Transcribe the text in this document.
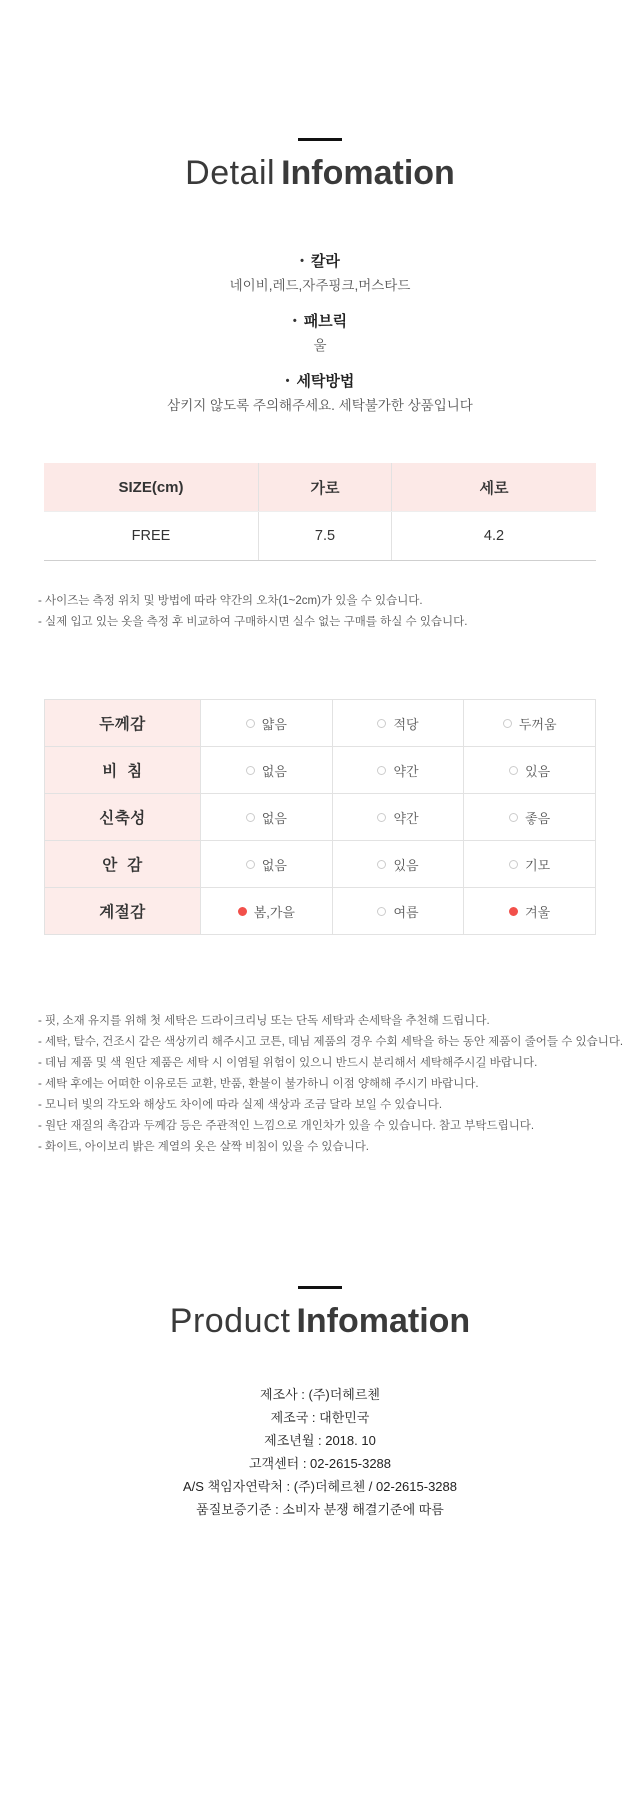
Detail Infomation
• 칼라
네이비,레드,자주핑크,머스타드
• 패브릭
울
• 세탁방법
삼키지 않도록 주의해주세요. 세탁불가한 상품입니다
SIZE(cm)	가로	세로
FREE	7.5	4.2
- 사이즈는 측정 위치 및 방법에 따라 약간의 오차(1~2cm)가 있을 수 있습니다.
- 실제 입고 있는 옷을 측정 후 비교하여 구매하시면 실수 없는 구매를 하실 수 있습니다.
두께감	얇음	적당	두꺼움
비  침	없음	약간	있음
신축성	없음	약간	좋음
안  감	없음	있음	기모
계절감	봄,가을	여름	겨울
- 핏, 소재 유지를 위해 첫 세탁은 드라이크리닝 또는 단독 세탁과 손세탁을 추천해 드립니다.
- 세탁, 탈수, 건조시 같은 색상끼리 해주시고 코튼, 데님 제품의 경우 수회 세탁을 하는 동안 제품이 줄어들 수 있습니다.
- 데님 제품 및 색 원단 제품은 세탁 시 이염될 위험이 있으니 반드시 분리해서 세탁해주시길 바랍니다.
- 세탁 후에는 어떠한 이유로든 교환, 반품, 환불이 불가하니 이점 양해해 주시기 바랍니다.
- 모니터 빛의 각도와 해상도 차이에 따라 실제 색상과 조금 달라 보일 수 있습니다.
- 원단 재질의 촉감과 두께감 등은 주관적인 느낌으로 개인차가 있을 수 있습니다. 참고 부탁드립니다.
- 화이트, 아이보리 밝은 계열의 옷은 살짝 비침이 있을 수 있습니다.
Product Infomation
제조사 : (주)더헤르첸
제조국 : 대한민국
제조년월 : 2018. 10
고객센터 : 02-2615-3288
A/S 책임자연락처 : (주)더헤르첸 / 02-2615-3288
품질보증기준 : 소비자 분쟁 해결기준에 따름
